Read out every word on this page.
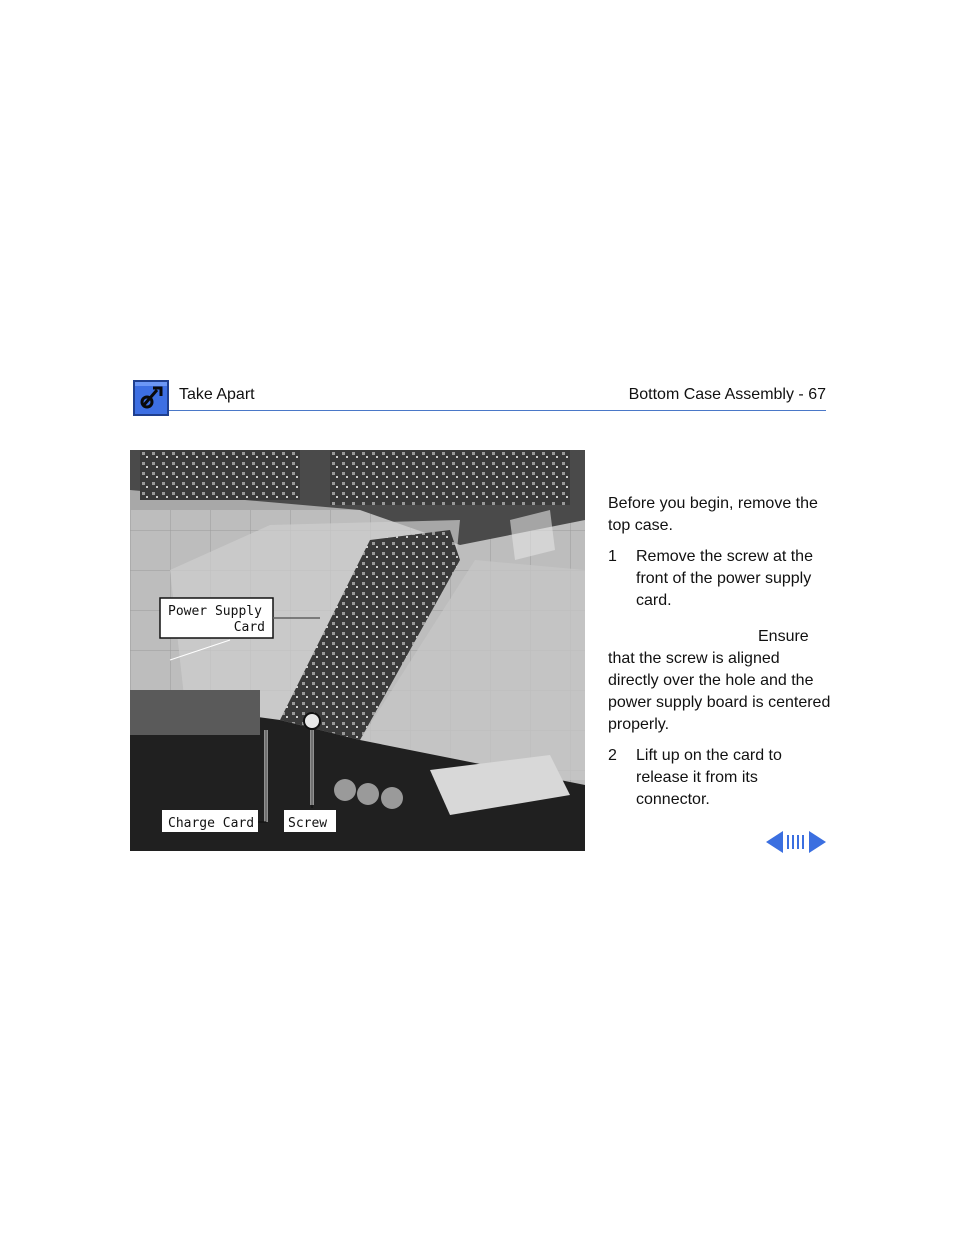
Take Apart	Bottom Case Assembly - 67
Power Supply
Card
Charge Card	Screw

Before you begin, remove the top case.

1	Remove the screw at the front of the power supply card.

Ensure
that the screw is aligned directly over the hole and the power supply board is centered properly.

2	Lift up on the card to release it from its connector.
